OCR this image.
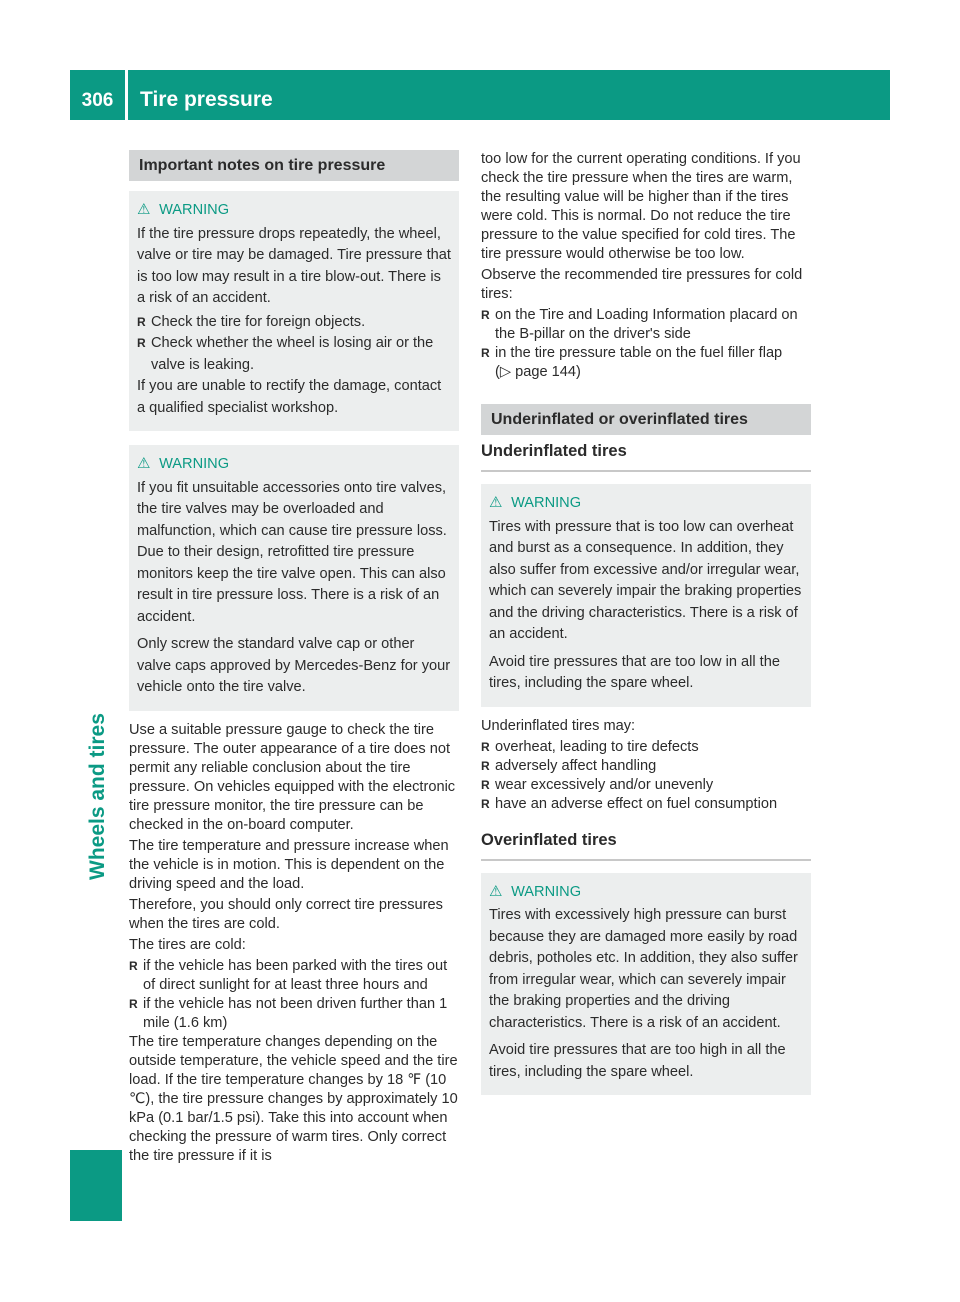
306	Tire pressure
Wheels and tires
Important notes on tire pressure
⚠ WARNING

If the tire pressure drops repeatedly, the wheel, valve or tire may be damaged. Tire pressure that is too low may result in a tire blow-out. There is a risk of an accident.

R Check the tire for foreign objects.
R Check whether the wheel is losing air or the valve is leaking.

If you are unable to rectify the damage, contact a qualified specialist workshop.

⚠ WARNING

If you fit unsuitable accessories onto tire valves, the tire valves may be overloaded and malfunction, which can cause tire pressure loss. Due to their design, retrofitted tire pressure monitors keep the tire valve open. This can also result in tire pressure loss. There is a risk of an accident.

Only screw the standard valve cap or other valve caps approved by Mercedes-Benz for your vehicle onto the tire valve.

Use a suitable pressure gauge to check the tire pressure. The outer appearance of a tire does not permit any reliable conclusion about the tire pressure. On vehicles equipped with the electronic tire pressure monitor, the tire pressure can be checked in the on-board computer.

The tire temperature and pressure increase when the vehicle is in motion. This is dependent on the driving speed and the load.

Therefore, you should only correct tire pressures when the tires are cold.

The tires are cold:

R if the vehicle has been parked with the tires out of direct sunlight for at least three hours and
R if the vehicle has not been driven further than 1 mile (1.6 km)

The tire temperature changes depending on the outside temperature, the vehicle speed and the tire load. If the tire temperature changes by 18 ℉ (10 ℃), the tire pressure changes by approximately 10 kPa (0.1 bar/1.5 psi). Take this into account when checking the pressure of warm tires. Only correct the tire pressure if it is

too low for the current operating conditions. If you check the tire pressure when the tires are warm, the resulting value will be higher than if the tires were cold. This is normal. Do not reduce the tire pressure to the value specified for cold tires. The tire pressure would otherwise be too low.

Observe the recommended tire pressures for cold tires:

R on the Tire and Loading Information placard on the B-pillar on the driver's side
R in the tire pressure table on the fuel filler flap
(▷ page 144)
Underinflated or overinflated tires
Underinflated tires
⚠ WARNING

Tires with pressure that is too low can overheat and burst as a consequence. In addition, they also suffer from excessive and/or irregular wear, which can severely impair the braking properties and the driving characteristics. There is a risk of an accident.

Avoid tire pressures that are too low in all the tires, including the spare wheel.

Underinflated tires may:

R overheat, leading to tire defects
R adversely affect handling
R wear excessively and/or unevenly
R have an adverse effect on fuel consumption
Overinflated tires
⚠ WARNING

Tires with excessively high pressure can burst because they are damaged more easily by road debris, potholes etc. In addition, they also suffer from irregular wear, which can severely impair the braking properties and the driving characteristics. There is a risk of an accident.

Avoid tire pressures that are too high in all the tires, including the spare wheel.
